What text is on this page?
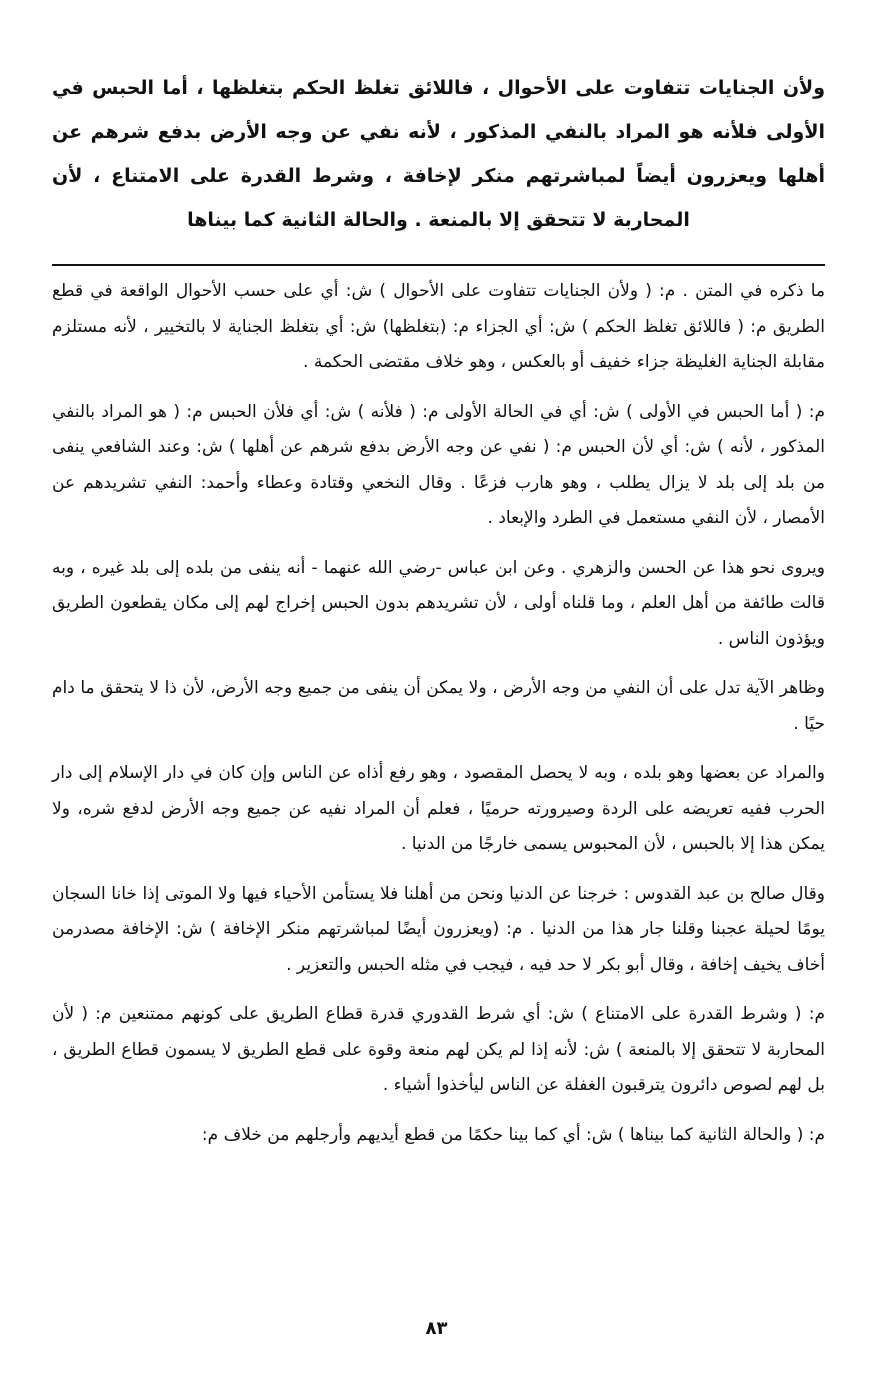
ولأن الجنايات تتفاوت على الأحوال ، فاللائق تغلظ الحكم بتغلظها ، أما الحبس في الأولى فلأنه هو المراد بالنفي المذكور ، لأنه نفي عن وجه الأرض بدفع شرهم عن أهلها ويعزرون أيضاً لمباشرتهم منكر لإخافة ، وشرط القدرة على الامتناع ، لأن المحاربة لا تتحقق إلا بالمنعة . والحالة الثانية كما بيناها

ما ذكره في المتن . م: ( ولأن الجنايات تتفاوت على الأحوال ) ش: أي على حسب الأحوال الواقعة في قطع الطريق م: ( فاللائق تغلظ الحكم ) ش: أي الجزاء م: (بتغلظها) ش: أي بتغلظ الجناية لا بالتخيير ، لأنه مستلزم مقابلة الجناية الغليظة جزاء خفيف أو بالعكس ، وهو خلاف مقتضى الحكمة .

م: ( أما الحبس في الأولى ) ش: أي في الحالة الأولى م: ( فلأنه ) ش: أي فلأن الحبس م: ( هو المراد بالنفي المذكور ، لأنه ) ش: أي لأن الحبس م: ( نفي عن وجه الأرض بدفع شرهم عن أهلها ) ش: وعند الشافعي ينفى من بلد إلى بلد لا يزال يطلب ، وهو هارب فزعًا . وقال النخعي وقتادة وعطاء وأحمد: النفي تشريدهم عن الأمصار ، لأن النفي مستعمل في الطرد والإبعاد .

ويروى نحو هذا عن الحسن والزهري . وعن ابن عباس -رضي الله عنهما - أنه ينفى من بلده إلى بلد غيره ، وبه قالت طائفة من أهل العلم ، وما قلناه أولى ، لأن تشريدهم بدون الحبس إخراج لهم إلى مكان يقطعون الطريق ويؤذون الناس .

وظاهر الآية تدل على أن النفي من وجه الأرض ، ولا يمكن أن ينفى من جميع وجه الأرض، لأن ذا لا يتحقق ما دام حيًا .

والمراد عن بعضها وهو بلده ، وبه لا يحصل المقصود ، وهو رفع أذاه عن الناس وإن كان في دار الإسلام إلى دار الحرب ففيه تعريضه على الردة وصيرورته حرميًا ، فعلم أن المراد نفيه عن جميع وجه الأرض لدفع شره، ولا يمكن هذا إلا بالحبس ، لأن المحبوس يسمى خارجًا من الدنيا .

وقال صالح بن عبد القدوس : خرجنا عن الدنيا ونحن من أهلنا فلا يستأمن الأحياء فيها ولا الموتى إذا خانا السجان يومًا لحيلة عجبنا وقلنا جار هذا من الدنيا . م: (ويعزرون أيضًا لمباشرتهم منكر الإخافة ) ش: الإخافة مصدرمن أخاف يخيف إخافة ، وقال أبو بكر لا حد فيه ، فيجب في مثله الحبس والتعزير .

م: ( وشرط القدرة على الامتناع ) ش: أي شرط القدوري قدرة قطاع الطريق على كونهم ممتنعين م: ( لأن المحاربة لا تتحقق إلا بالمنعة ) ش: لأنه إذا لم يكن لهم منعة وقوة على قطع الطريق لا يسمون قطاع الطريق ، بل لهم لصوص دائرون يترقبون الغفلة عن الناس ليأخذوا أشياء .

م: ( والحالة الثانية كما بيناها ) ش: أي كما بينا حكمًا من قطع أيديهم وأرجلهم من خلاف م:

٨٣
